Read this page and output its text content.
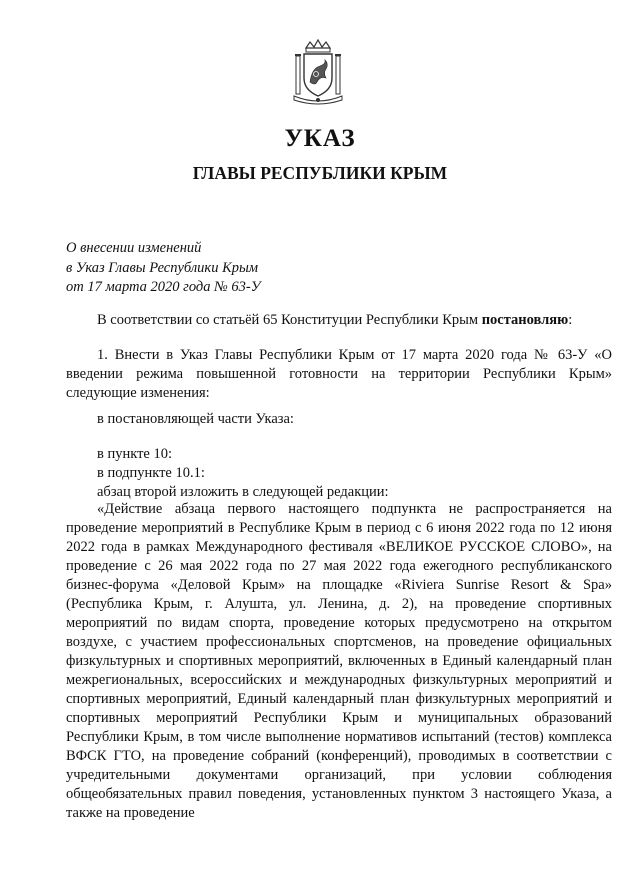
УКАЗ
ГЛАВЫ РЕСПУБЛИКИ КРЫМ
О внесении изменений
в Указ Главы Республики Крым
от 17 марта 2020 года № 63-У
В соответствии со статьёй 65 Конституции Республики Крым постановляю:
1. Внести в Указ Главы Республики Крым от 17 марта 2020 года № 63-У «О введении режима повышенной готовности на территории Республики Крым» следующие изменения:
в постановляющей части Указа:
в пункте 10:
в подпункте 10.1:
абзац второй изложить в следующей редакции:
«Действие абзаца первого настоящего подпункта не распространяется на проведение мероприятий в Республике Крым в период с 6 июня 2022 года по 12 июня 2022 года в рамках Международного фестиваля «ВЕЛИКОЕ РУССКОЕ СЛОВО», на проведение с 26 мая 2022 года по 27 мая 2022 года ежегодного республиканского бизнес-форума «Деловой Крым» на площадке «Riviera Sunrise Resort & Spa» (Республика Крым, г. Алушта, ул. Ленина, д. 2), на проведение спортивных мероприятий по видам спорта, проведение которых предусмотрено на открытом воздухе, с участием профессиональных спортсменов, на проведение официальных физкультурных и спортивных мероприятий, включенных в Единый календарный план межрегиональных, всероссийских и международных физкультурных мероприятий и спортивных мероприятий, Единый календарный план физкультурных мероприятий и спортивных мероприятий Республики Крым и муниципальных образований Республики Крым, в том числе выполнение нормативов испытаний (тестов) комплекса ВФСК ГТО, на проведение собраний (конференций), проводимых в соответствии с учредительными документами организаций, при условии соблюдения общеобязательных правил поведения, установленных пунктом 3 настоящего Указа, а также на проведение
